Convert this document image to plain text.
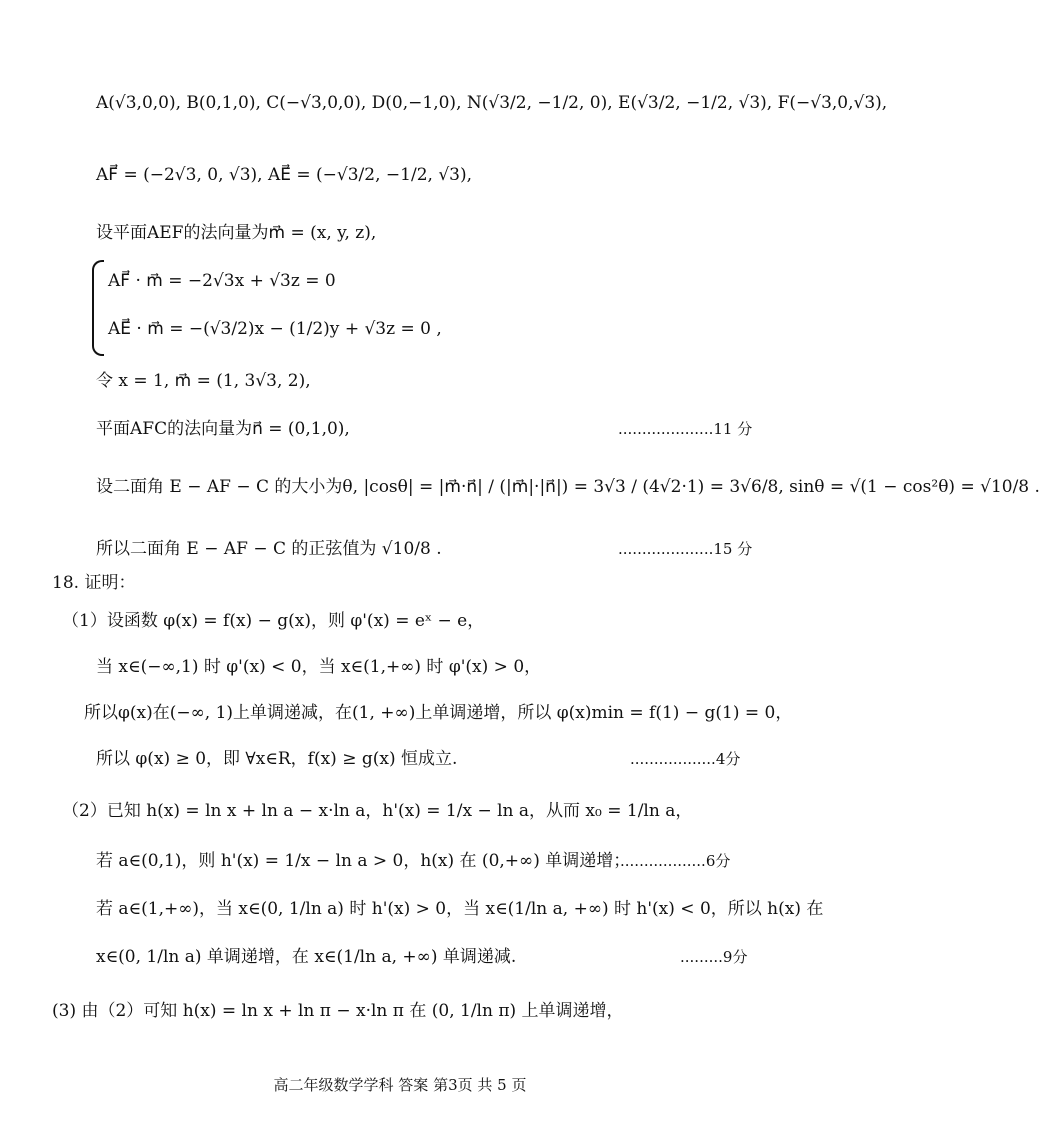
A(√3,0,0), B(0,1,0), C(−√3,0,0), D(0,−1,0), N(√3/2, −1/2, 0), E(√3/2, −1/2, √3), F(−√3,0,√3),
AF⃗ = (−2√3, 0, √3), AE⃗ = (−√3/2, −1/2, √3),
设平面AEF的法向量为m⃗ = (x, y, z),
AF⃗ · m⃗ = −2√3x + √3z = 0
AE⃗ · m⃗ = −(√3/2)x − (1/2)y + √3z = 0 ,
令 x = 1, m⃗ = (1, 3√3, 2),
平面AFC的法向量为n⃗ = (0,1,0),	....................11 分
设二面角 E − AF − C 的大小为θ, |cosθ| = |m⃗·n⃗| / (|m⃗|·|n⃗|) = 3√3 / (4√2·1) = 3√6/8, sinθ = √(1 − cos²θ) = √10/8 .
所以二面角 E − AF − C 的正弦值为 √10/8 .	....................15 分
18. 证明：
（1）设函数 φ(x) = f(x) − g(x)，则 φ'(x) = eˣ − e，
当 x∈(−∞,1) 时 φ'(x) < 0，当 x∈(1,+∞) 时 φ'(x) > 0，
所以φ(x)在(−∞, 1)上单调递减，在(1, +∞)上单调递增，所以 φ(x)min = f(1) − g(1) = 0，
所以 φ(x) ≥ 0，即 ∀x∈R，f(x) ≥ g(x) 恒成立.	..................4分
（2）已知 h(x) = ln x + ln a − x·ln a，h'(x) = 1/x − ln a，从而 x₀ = 1/ln a，
若 a∈(0,1)，则 h'(x) = 1/x − ln a > 0，h(x) 在 (0,+∞) 单调递增；
..................6分
若 a∈(1,+∞)，当 x∈(0, 1/ln a) 时 h'(x) > 0，当 x∈(1/ln a, +∞) 时 h'(x) < 0，所以 h(x) 在
x∈(0, 1/ln a) 单调递增，在 x∈(1/ln a, +∞) 单调递减.	.........9分
(3) 由（2）可知 h(x) = ln x + ln π − x·ln π 在 (0, 1/ln π) 上单调递增，
高二年级数学学科 答案 第3页 共 5 页
